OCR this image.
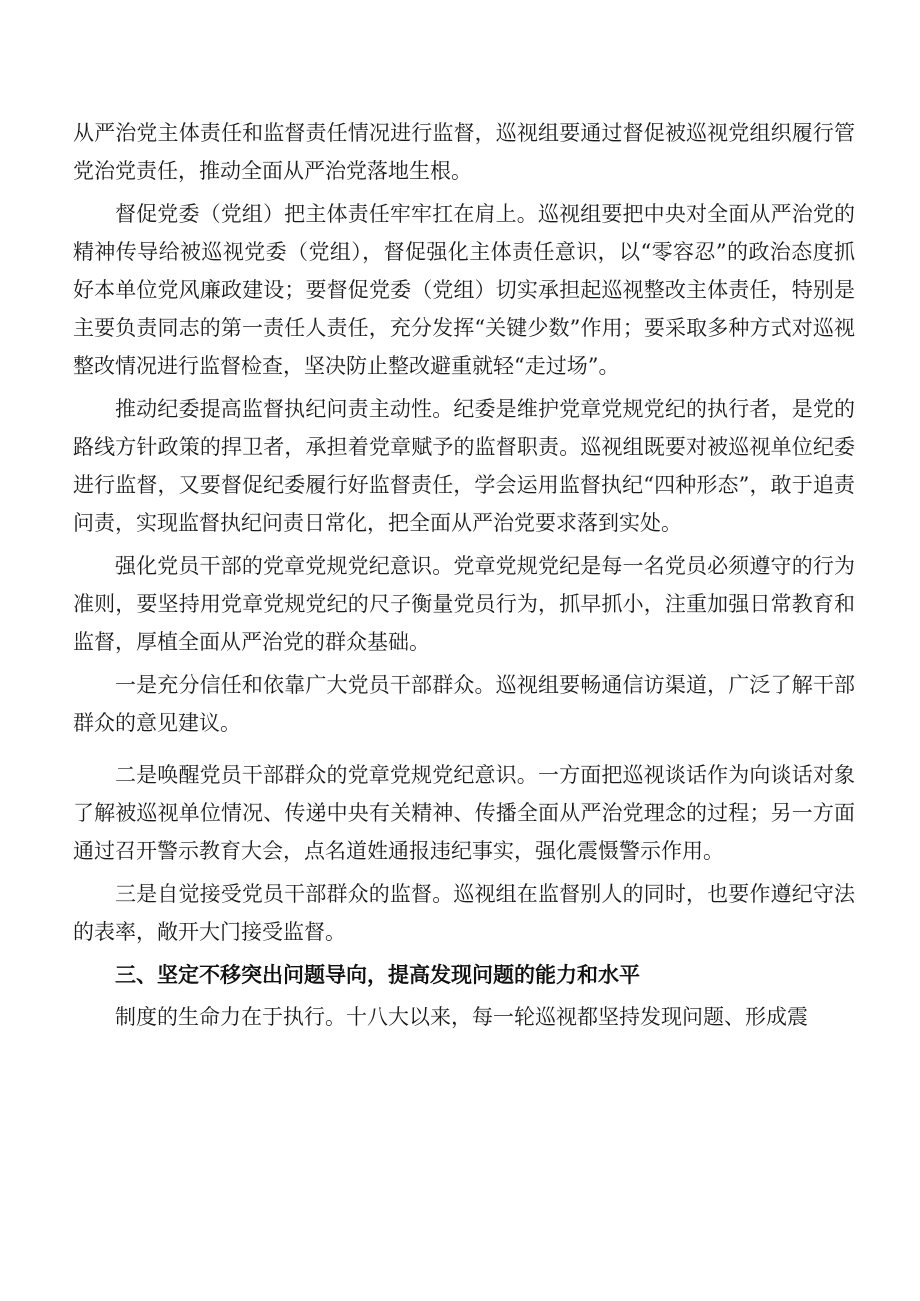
从严治党主体责任和监督责任情况进行监督，巡视组要通过督促被巡视党组织履行管党治党责任，推动全面从严治党落地生根。

督促党委（党组）把主体责任牢牢扛在肩上。巡视组要把中央对全面从严治党的精神传导给被巡视党委（党组），督促强化主体责任意识，以“零容忍”的政治态度抓好本单位党风廉政建设；要督促党委（党组）切实承担起巡视整改主体责任，特别是主要负责同志的第一责任人责任，充分发挥“关键少数”作用；要采取多种方式对巡视整改情况进行监督检查，坚决防止整改避重就轻“走过场”。

推动纪委提高监督执纪问责主动性。纪委是维护党章党规党纪的执行者，是党的路线方针政策的捍卫者，承担着党章赋予的监督职责。巡视组既要对被巡视单位纪委进行监督，又要督促纪委履行好监督责任，学会运用监督执纪“四种形态”，敢于追责问责，实现监督执纪问责日常化，把全面从严治党要求落到实处。

强化党员干部的党章党规党纪意识。党章党规党纪是每一名党员必须遵守的行为准则，要坚持用党章党规党纪的尺子衡量党员行为，抓早抓小，注重加强日常教育和监督，厚植全面从严治党的群众基础。

一是充分信任和依靠广大党员干部群众。巡视组要畅通信访渠道，广泛了解干部群众的意见建议。

二是唤醒党员干部群众的党章党规党纪意识。一方面把巡视谈话作为向谈话对象了解被巡视单位情况、传递中央有关精神、传播全面从严治党理念的过程；另一方面通过召开警示教育大会，点名道姓通报违纪事实，强化震慑警示作用。

三是自觉接受党员干部群众的监督。巡视组在监督别人的同时，也要作遵纪守法的表率，敞开大门接受监督。

三、坚定不移突出问题导向，提高发现问题的能力和水平

制度的生命力在于执行。十八大以来，每一轮巡视都坚持发现问题、形成震
